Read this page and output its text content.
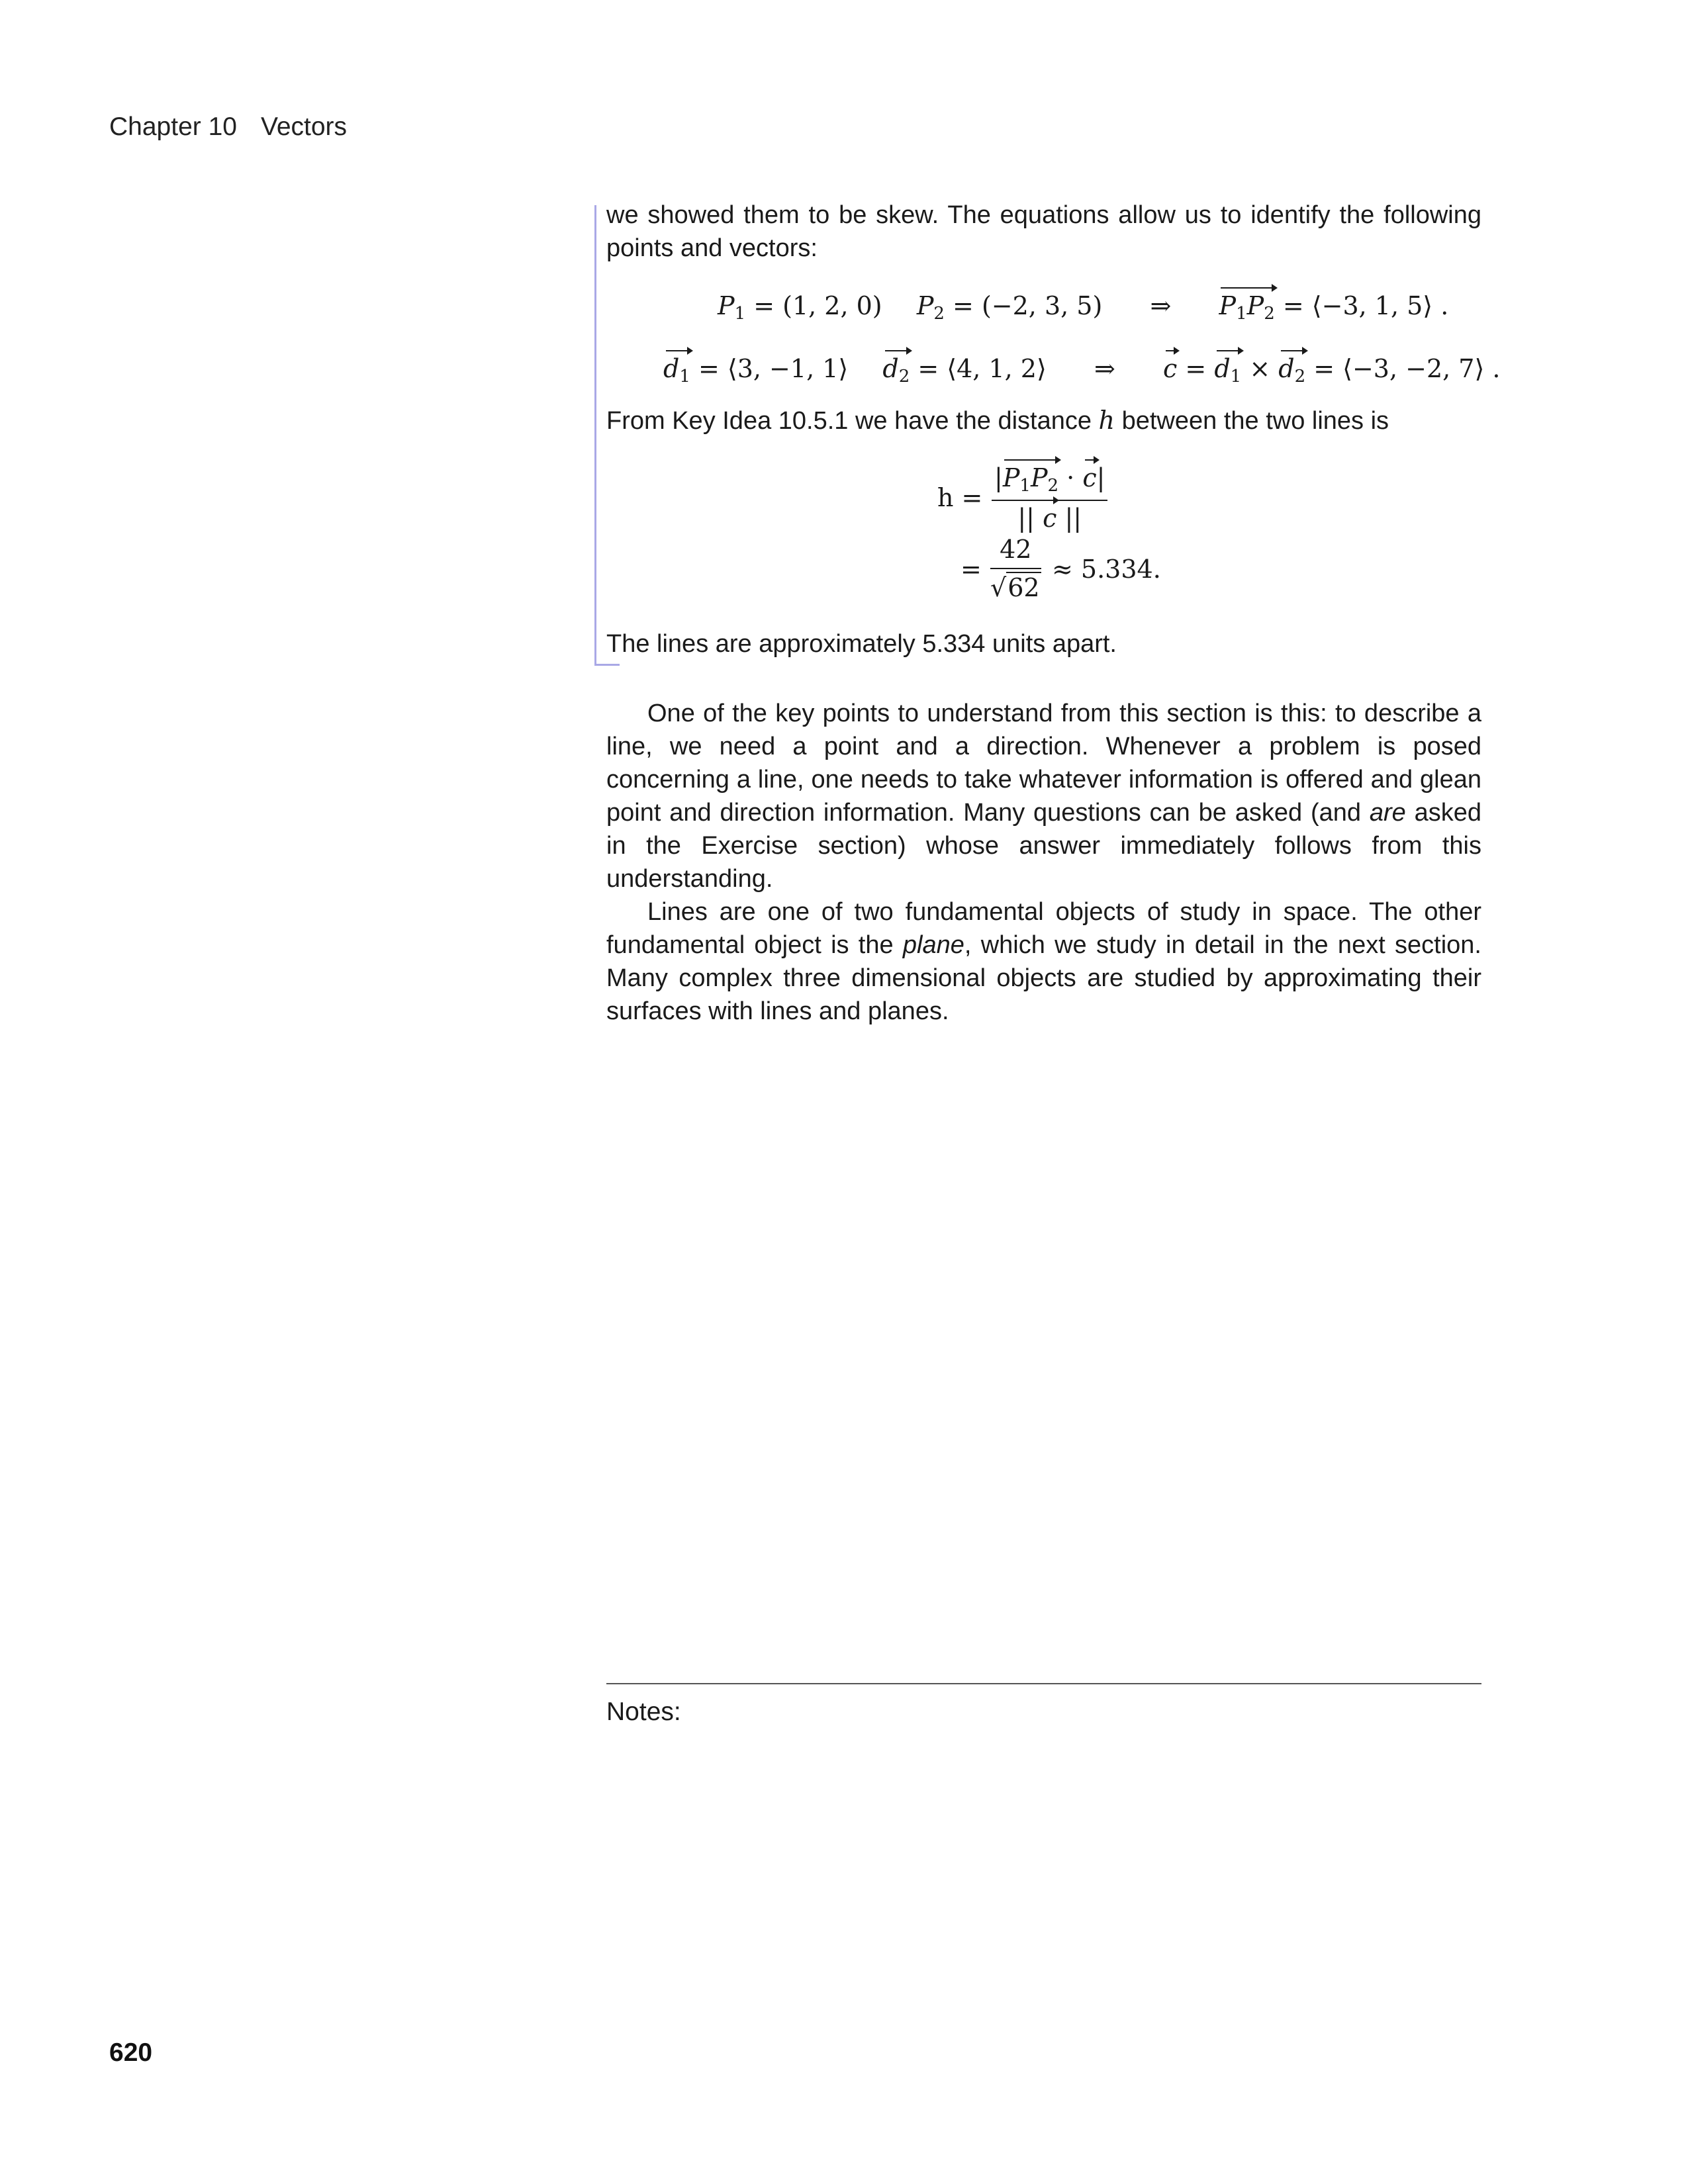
Chapter 10 Vectors

we showed them to be skew. The equations allow us to identify the following points and vectors:

$P_1 = (1$, 2, 0) $P_2 = (-2$, 3, 5) ⇒ $P_1P_2$ = ⟨−3, 1, 5⟩ .
$d_1$ = ⟨3, −1, 1⟩ $d_2$ = ⟨4, 1, 2⟩ ⇒ $c = d_1 \times d_2$ = ⟨−3, −2, 7⟩ .

From Key Idea 10.5.1 we have the distance h between the two lines is

h =
$|P_1P_2 \cdot c|$
|| c ||
=
42
√ 62
≈ 5.334.

The lines are approximately 5.334 units apart.

One of the key points to understand from this section is this: to describe a line, we need a point and a direction. Whenever a problem is posed concerning a line, one needs to take whatever information is offered and glean point and direction information. Many questions can be asked (and are asked in the Exercise section) whose answer immediately follows from this understanding.

Lines are one of two fundamental objects of study in space. The other fundamental object is the plane, which we study in detail in the next section. Many complex three dimensional objects are studied by approximating their surfaces with lines and planes.

Notes:
620
